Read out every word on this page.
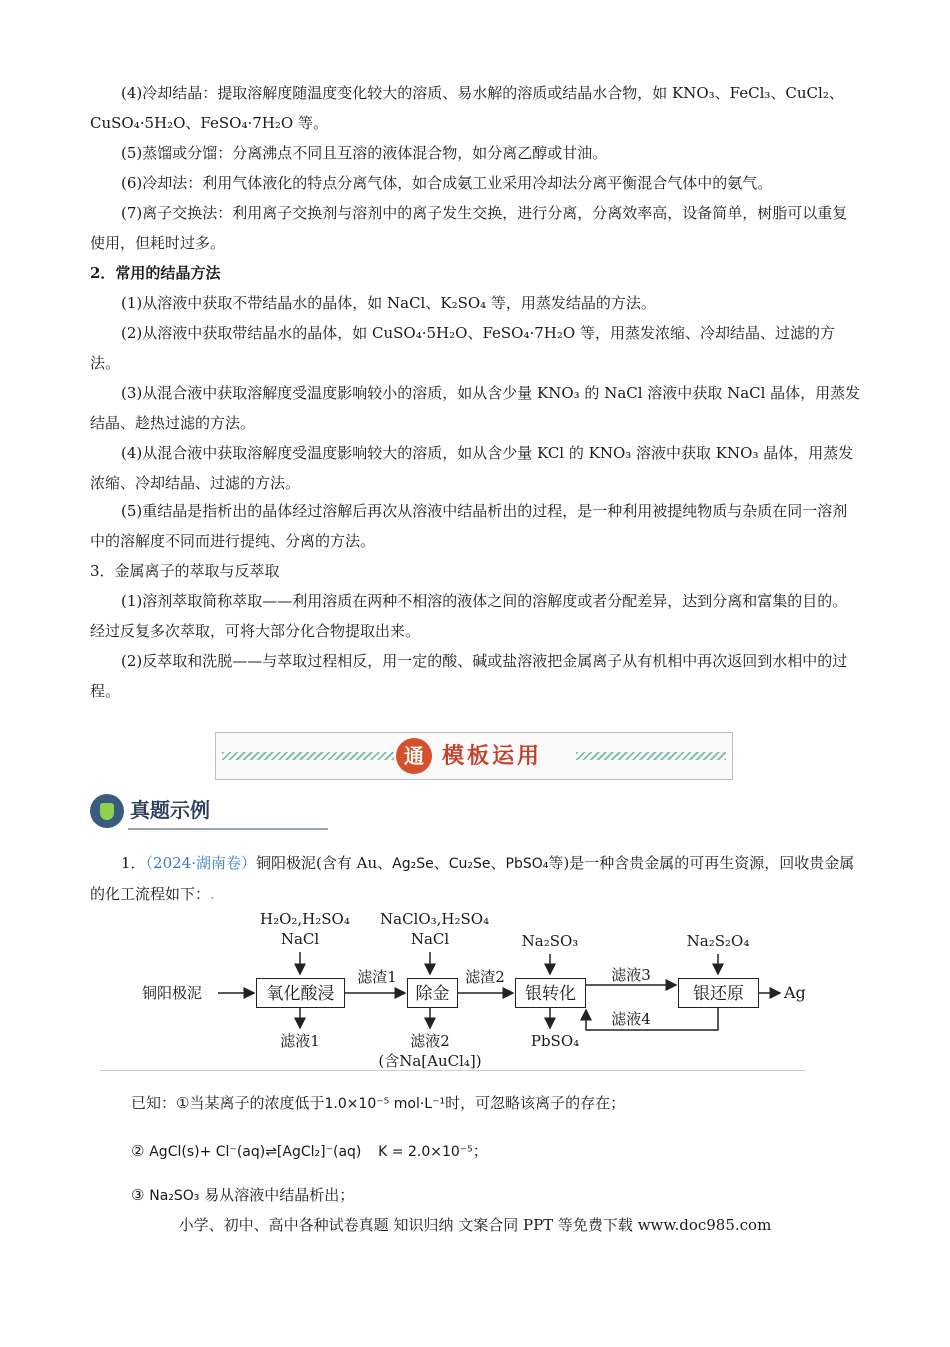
(4)冷却结晶：提取溶解度随温度变化较大的溶质、易水解的溶质或结晶水合物，如 KNO₃、FeCl₃、CuCl₂、CuSO₄·5H₂O、FeSO₄·7H₂O 等。

(5)蒸馏或分馏：分离沸点不同且互溶的液体混合物，如分离乙醇或甘油。

(6)冷却法：利用气体液化的特点分离气体，如合成氨工业采用冷却法分离平衡混合气体中的氨气。

(7)离子交换法：利用离子交换剂与溶剂中的离子发生交换，进行分离，分离效率高，设备简单，树脂可以重复使用，但耗时过多。

2．常用的结晶方法

(1)从溶液中获取不带结晶水的晶体，如 NaCl、K₂SO₄ 等，用蒸发结晶的方法。

(2)从溶液中获取带结晶水的晶体，如 CuSO₄·5H₂O、FeSO₄·7H₂O 等，用蒸发浓缩、冷却结晶、过滤的方法。

(3)从混合液中获取溶解度受温度影响较小的溶质，如从含少量 KNO₃ 的 NaCl 溶液中获取 NaCl 晶体，用蒸发结晶、趁热过滤的方法。

(4)从混合液中获取溶解度受温度影响较大的溶质，如从含少量 KCl 的 KNO₃ 溶液中获取 KNO₃ 晶体，用蒸发浓缩、冷却结晶、过滤的方法。

(5)重结晶是指析出的晶体经过溶解后再次从溶液中结晶析出的过程，是一种利用被提纯物质与杂质在同一溶剂中的溶解度不同而进行提纯、分离的方法。

3．金属离子的萃取与反萃取

(1)溶剂萃取简称萃取——利用溶质在两种不相溶的液体之间的溶解度或者分配差异，达到分离和富集的目的。经过反复多次萃取，可将大部分化合物提取出来。

(2)反萃取和洗脱——与萃取过程相反，用一定的酸、碱或盐溶液把金属离子从有机相中再次返回到水相中的过程。

通 模板运用
真题示例

1．（2024·湖南卷）铜阳极泥(含有 Au、Ag₂Se、Cu₂Se、PbSO₄等)是一种含贵金属的可再生资源，回收贵金属的化工流程如下：.

铜阳极泥	氧化酸浸	除金	银转化	银还原	Ag
H₂O₂,H₂SO₄
NaCl
NaClO₃,H₂SO₄
NaCl	Na₂SO₃	Na₂S₂O₄
滤渣1	滤渣2	滤液3
滤液4
滤液1	滤液2
(含Na[AuCl₄])
PbSO₄

已知：①当某离子的浓度低于1.0×10⁻⁵ mol·L⁻¹时，可忽略该离子的存在；

② AgCl(s)+ Cl⁻(aq)⇌[AgCl₂]⁻(aq) K = 2.0×10⁻⁵；

③ Na₂SO₃ 易从溶液中结晶析出；

小学、初中、高中各种试卷真题 知识归纳 文案合同 PPT 等免费下载 www.doc985.com
